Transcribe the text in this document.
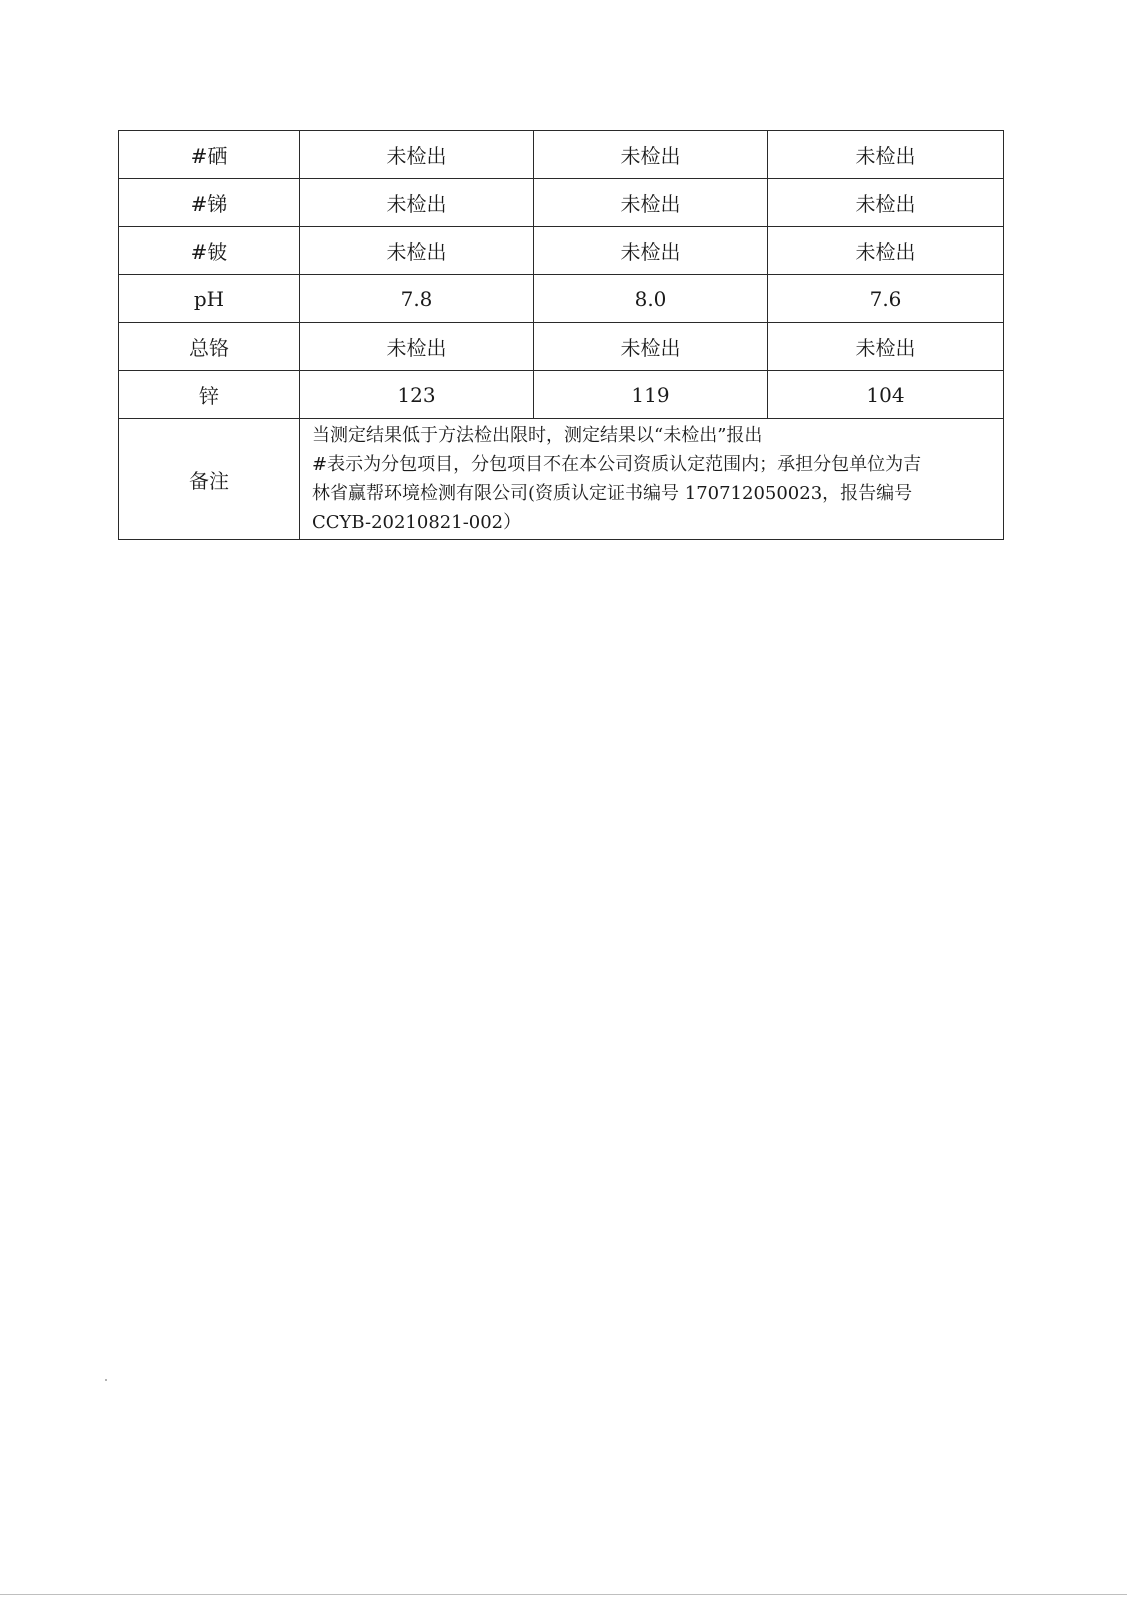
#硒	未检出	未检出	未检出
#锑	未检出	未检出	未检出
#铍	未检出	未检出	未检出
pH	7.8	8.0	7.6
总铬	未检出	未检出	未检出
锌	123	119	104
备注	当测定结果低于方法检出限时，测定结果以“未检出”报出
#表示为分包项目，分包项目不在本公司资质认定范围内；承担分包单位为吉
林省赢帮环境检测有限公司(资质认定证书编号 170712050023，报告编号
CCYB-20210821-002）		
